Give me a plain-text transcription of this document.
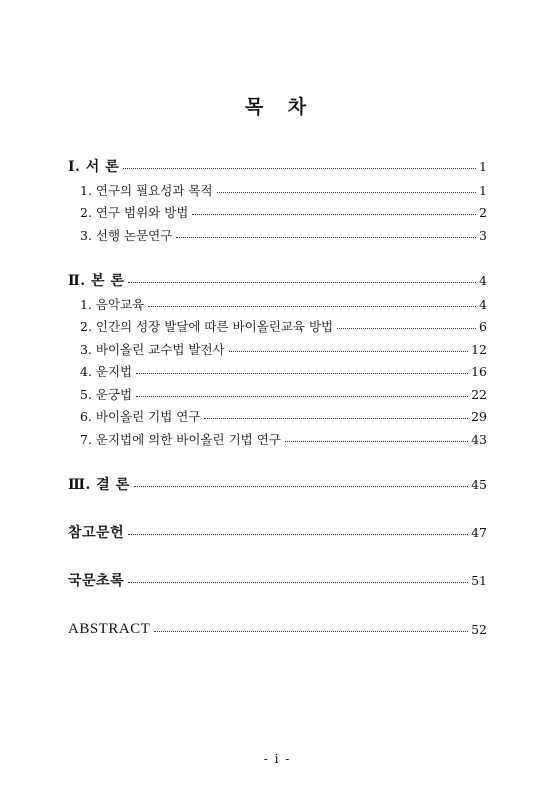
목 차
Ⅰ. 서 론	1
1. 연구의 필요성과 목적	1
2. 연구 범위와 방법	2
3. 선행 논문연구	3
Ⅱ. 본 론	4
1. 음악교육	4
2. 인간의 성장 발달에 따른 바이올린교육 방법	6
3. 바이올린 교수법 발전사	12
4. 운지법	16
5. 운궁법	22
6. 바이올린 기법 연구	29
7. 운지법에 의한 바이올린 기법 연구	43
Ⅲ. 결 론	45
참고문헌	47
국문초록	51
ABSTRACT	52
- i -
